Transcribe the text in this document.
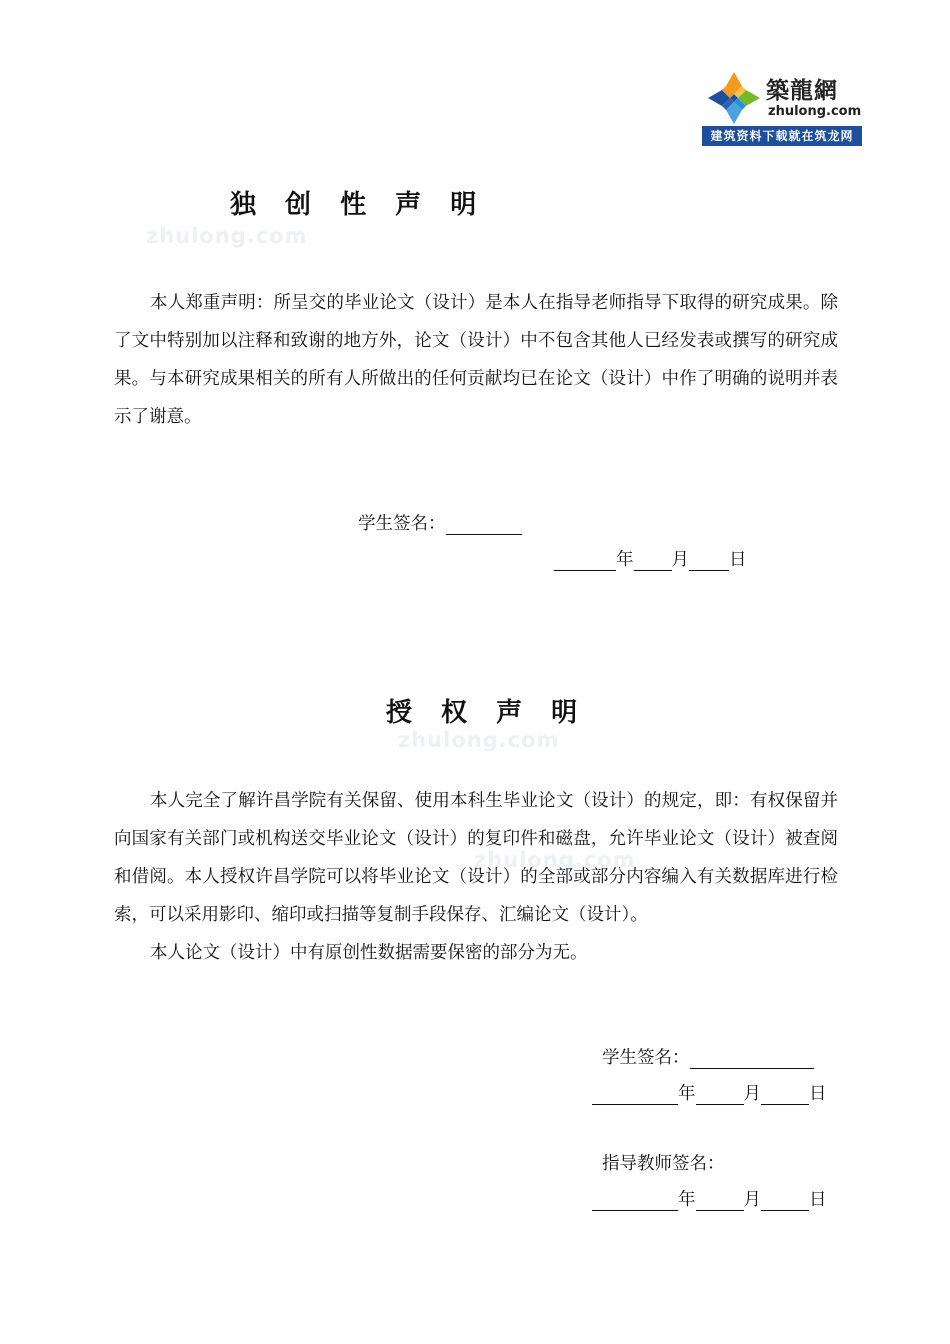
築龍網
zhulong.com
建筑资料下载就在筑龙网
独 创 性 声 明
zhulong.com

本人郑重声明：所呈交的毕业论文（设计）是本人在指导老师指导下取得的研究成果。除了文中特别加以注释和致谢的地方外，论文（设计）中不包含其他人已经发表或撰写的研究成果。与本研究成果相关的所有人所做出的任何贡献均已在论文（设计）中作了明确的说明并表示了谢意。

学生签名：
年 月 日
授 权 声 明
zhulong.com
zhulong.com

本人完全了解许昌学院有关保留、使用本科生毕业论文（设计）的规定，即：有权保留并向国家有关部门或机构送交毕业论文（设计）的复印件和磁盘，允许毕业论文（设计）被查阅和借阅。本人授权许昌学院可以将毕业论文（设计）的全部或部分内容编入有关数据库进行检索，可以采用影印、缩印或扫描等复制手段保存、汇编论文（设计）。

本人论文（设计）中有原创性数据需要保密的部分为无。

学生签名：
年	月	日
指导教师签名：
年	月	日
